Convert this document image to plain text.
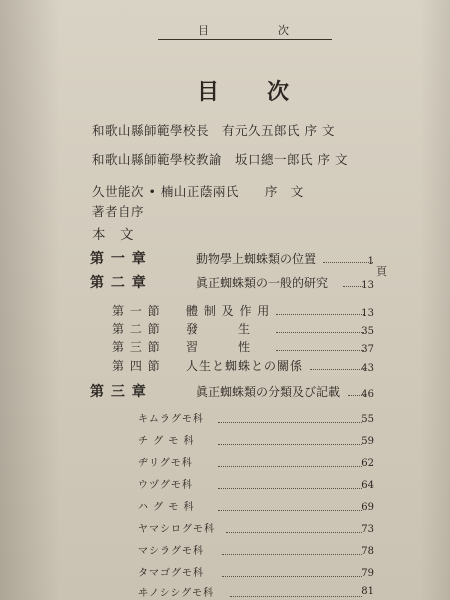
目	次
目 次
和歌山縣師範學校長　有元久五郎氏 序 文
和歌山縣師範學校教諭　坂口總一郎氏 序 文
久世能次 • 楠山正蔭兩氏　　序　文
著者自序
本　文
頁
第 一 章	動物學上蜘蛛類の位置	1
第 二 章	眞正蜘蛛類の一般的研究	13
第 一 節 體 制 及 作 用	13
第 二 節 發　　　生	35
第 三 節 習　　　性	37
第 四 節 人生と蜘蛛との關係	43
第 三 章	眞正蜘蛛類の分類及び記載	46
キムラグモ科	55
チ グ モ 科	59
ヂリグモ科	62
ウヅグモ科	64
ハ グ モ 科	69
ヤマシログモ科	73
マシラグモ科	78
タマゴグモ科	79
ヰノシシグモ科	81
